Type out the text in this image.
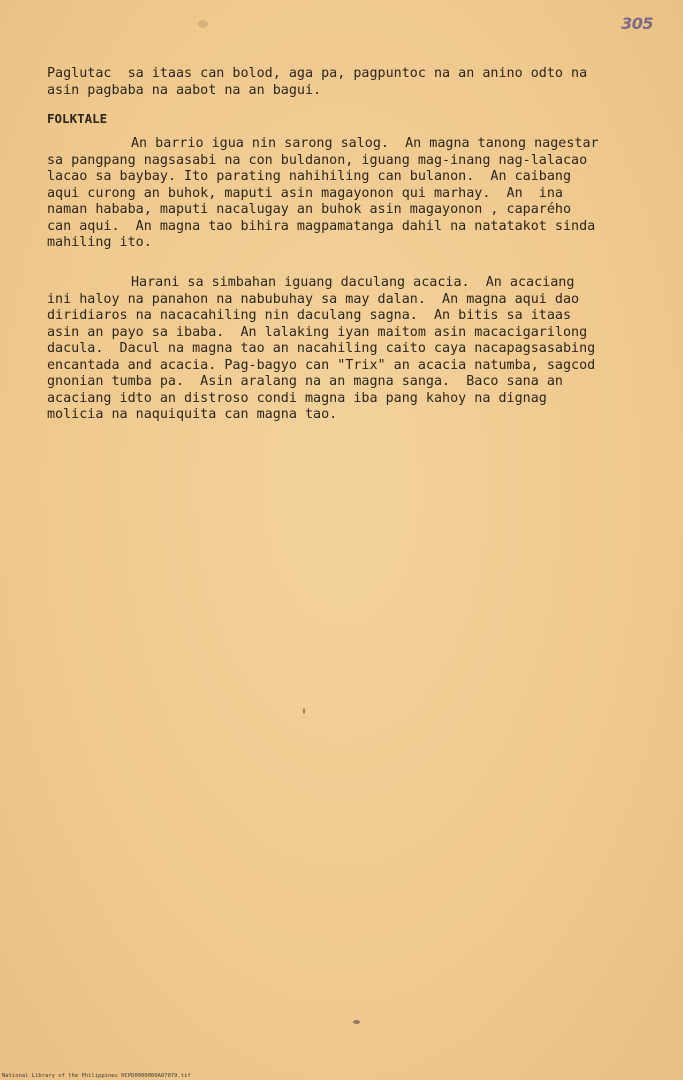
305
Paglutac  sa itaas can bolod, aga pa, pagpuntoc na an anino odto na
asin pagbaba na aabot na an bagui.
FOLKTALE
An barrio igua nin sarong salog.  An magna tanong nagestar
sa pangpang nagsasabi na con buldanon, iguang mag-inang nag-lalacao
lacao sa baybay. Ito parating nahihiling can bulanon.  An caibang
aqui curong an buhok, maputi asin magayonon qui marhay.  An  ina
naman hababa, maputi nacalugay an buhok asin magayonon , caparého
can aqui.  An magna tao bihira magpamatanga dahil na natatakot sinda
mahiling ito.
Harani sa simbahan iguang daculang acacia.  An acaciang
ini haloy na panahon na nabubuhay sa may dalan.  An magna aqui dao
diridiaros na nacacahiling nin daculang sagna.  An bitis sa itaas
asin an payo sa ibaba.  An lalaking iyan maitom asin macacigarilong
dacula.  Dacul na magna tao an nacahiling caito caya nacapagsasabing
encantada and acacia. Pag-bagyo can "Trix" an acacia natumba, sagcod
gnonian tumba pa.  Asin aralang na an magna sanga.  Baco sana an
acaciang idto an distroso condi magna iba pang kahoy na dignag
molicia na naquiquita can magna tao.
National Library of the Philippines HCPD0000000A07079.tif
